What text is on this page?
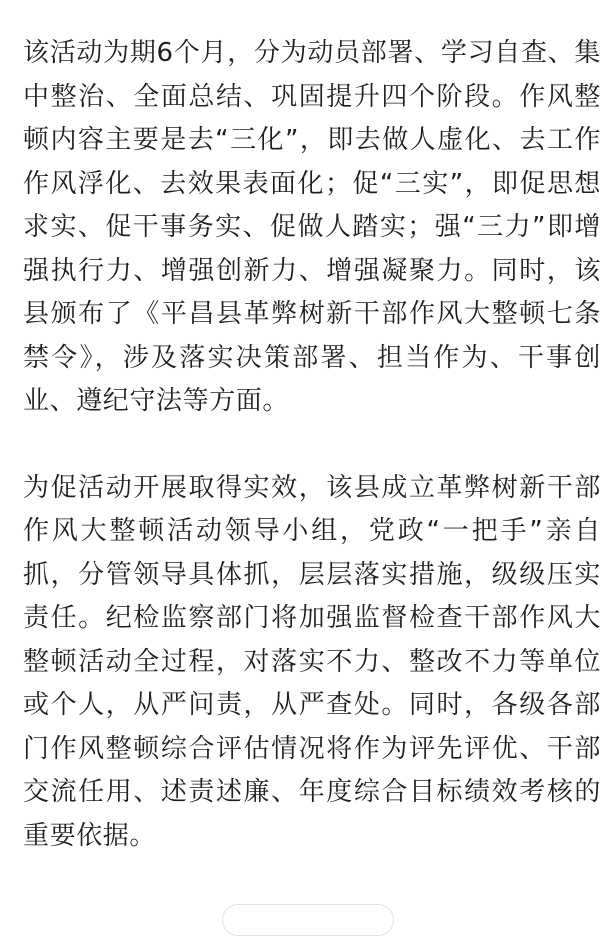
该活动为期6个月，分为动员部署、学习自查、集中整治、全面总结、巩固提升四个阶段。作风整顿内容主要是去“三化”，即去做人虚化、去工作作风浮化、去效果表面化；促“三实”，即促思想求实、促干事务实、促做人踏实；强“三力”即增强执行力、增强创新力、增强凝聚力。同时，该县颁布了《平昌县革弊树新干部作风大整顿七条禁令》，涉及落实决策部署、担当作为、干事创业、遵纪守法等方面。

为促活动开展取得实效，该县成立革弊树新干部作风大整顿活动领导小组，党政“一把手”亲自抓，分管领导具体抓，层层落实措施，级级压实责任。纪检监察部门将加强监督检查干部作风大整顿活动全过程，对落实不力、整改不力等单位或个人，从严问责，从严查处。同时，各级各部门作风整顿综合评估情况将作为评先评优、干部交流任用、述责述廉、年度综合目标绩效考核的重要依据。
